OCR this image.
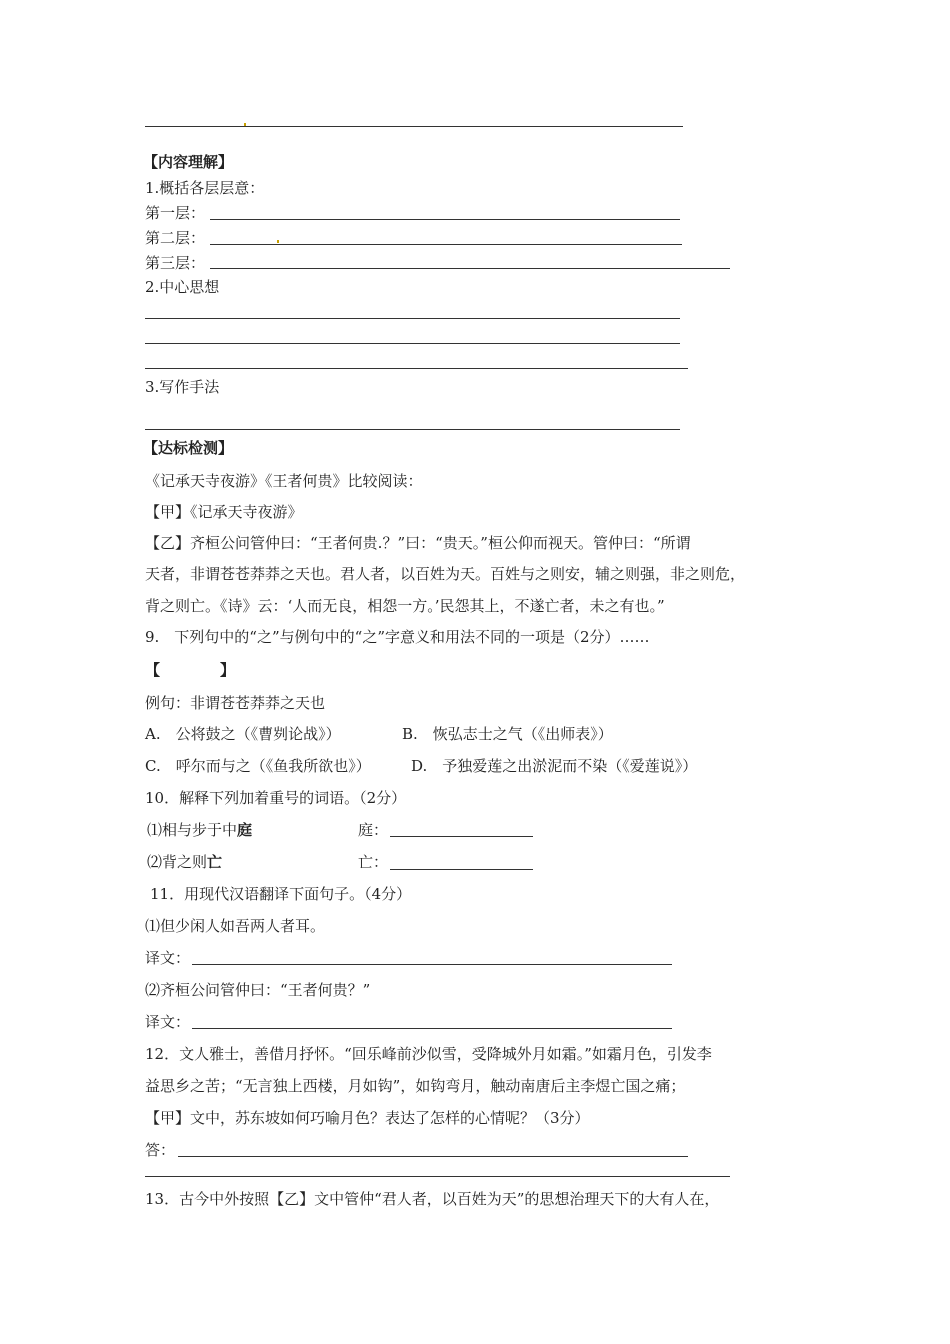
【内容理解】
1.概括各层层意：
第一层：
第二层：
第三层：
2.中心思想
3.写作手法
【达标检测】
《记承天寺夜游》《王者何贵》比较阅读：
【甲】《记承天寺夜游》
【乙】齐桓公问管仲曰：“王者何贵.？”曰：“贵天。”桓公仰而视天。管仲曰：“所谓
天者，非谓苍苍莽莽之天也。君人者，以百姓为天。百姓与之则安，辅之则强，非之则危，
背之则亡。《诗》云：‘人而无良，相怨一方。’民怨其上，不遂亡者，未之有也。”
9.　下列句中的“之”与例句中的“之”字意义和用法不同的一项是（2分）……
【　　　　】
例句：非谓苍苍莽莽之天也
A.　公将鼓之（《曹刿论战》）	B.　恢弘志士之气（《出师表》）
C.　呼尔而与之（《鱼我所欲也》）	D.　予独爱莲之出淤泥而不染（《爱莲说》）
10．解释下列加着重号的词语。（2分）
⑴相与步于中庭	庭：
⑵背之则亡	亡：
11．用现代汉语翻译下面句子。（4分）
⑴但少闲人如吾两人者耳。
译文：
⑵齐桓公问管仲曰：“王者何贵？”
译文：
12．文人雅士，善借月抒怀。“回乐峰前沙似雪，受降城外月如霜。”如霜月色，引发李
益思乡之苦；“无言独上西楼，月如钩”，如钩弯月，触动南唐后主李煜亡国之痛；
【甲】文中，苏东坡如何巧喻月色？表达了怎样的心情呢？（3分）
答：
13．古今中外按照【乙】文中管仲“君人者，以百姓为天”的思想治理天下的大有人在，
